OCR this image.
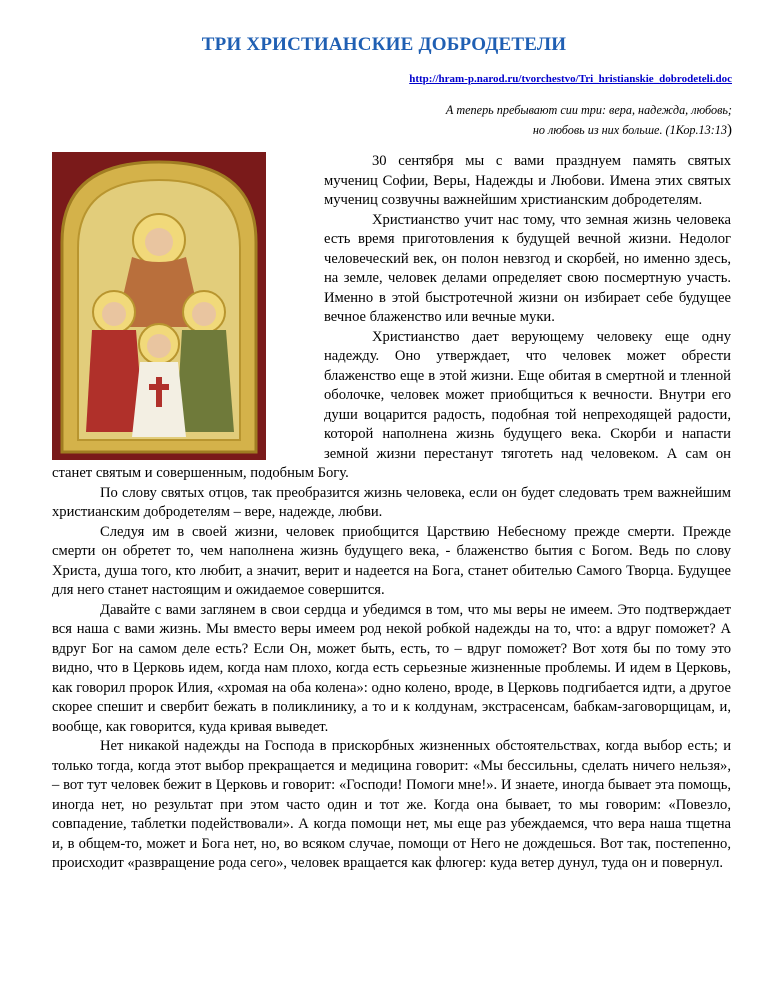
ТРИ ХРИСТИАНСКИЕ ДОБРОДЕТЕЛИ
http://hram-p.narod.ru/tvorchestvo/Tri_hristianskie_dobrodeteli.doc
А теперь пребывают сии три: вера, надежда, любовь;
но любовь из них больше. (1Кор.13:13)

30 сентября мы с вами празднуем память святых мучениц Софии, Веры, Надежды и Любови. Имена этих святых мучениц созвучны важнейшим христианским добродетелям.

Христианство учит нас тому, что земная жизнь человека есть время приготовления к будущей вечной жизни. Недолог человеческий век, он полон невзгод и скорбей, но именно здесь, на земле, человек делами определяет свою посмертную участь. Именно в этой быстротечной жизни он избирает себе будущее вечное блаженство или вечные муки.

Христианство дает верующему человеку еще одну надежду. Оно утверждает, что человек может обрести блаженство еще в этой жизни. Еще обитая в смертной и тленной оболочке, человек может приобщиться к вечности. Внутри его души воцарится радость, подобная той непреходящей радости, которой наполнена жизнь будущего века. Скорби и напасти земной жизни перестанут тяготеть над человеком. А сам он станет святым и совершенным, подобным Богу.

По слову святых отцов, так преобразится жизнь человека, если он будет следовать трем важнейшим христианским добродетелям – вере, надежде, любви.

Следуя им в своей жизни, человек приобщится Царствию Небесному прежде смерти. Прежде смерти он обретет то, чем наполнена жизнь будущего века, - блаженство бытия с Богом. Ведь по слову Христа, душа того, кто любит, а значит, верит и надеется на Бога, станет обителью Самого Творца. Будущее для него станет настоящим и ожидаемое совершится.

Давайте с вами заглянем в свои сердца и убедимся в том, что мы веры не имеем. Это подтверждает вся наша с вами жизнь. Мы вместо веры имеем род некой робкой надежды на то, что: а вдруг поможет? А вдруг Бог на самом деле есть? Если Он, может быть, есть, то – вдруг поможет? Вот хотя бы по тому это видно, что в Церковь идем, когда нам плохо, когда есть серьезные жизненные проблемы. И идем в Церковь, как говорил пророк Илия, «хромая на оба колена»: одно колено, вроде, в Церковь подгибается идти, а другое скорее спешит и свербит бежать в поликлинику, а то и к колдунам, экстрасенсам, бабкам-заговорщицам, и, вообще, как говорится, куда кривая выведет.

Нет никакой надежды на Господа в прискорбных жизненных обстоятельствах, когда выбор есть; и только тогда, когда этот выбор прекращается и медицина говорит: «Мы бессильны, сделать ничего нельзя», – вот тут человек бежит в Церковь и говорит: «Господи! Помоги мне!». И знаете, иногда бывает эта помощь, иногда нет, но результат при этом часто один и тот же. Когда она бывает, то мы говорим: «Повезло, совпадение, таблетки подействовали». А когда помощи нет, мы еще раз убеждаемся, что вера наша тщетна и, в общем-то, может и Бога нет, но, во всяком случае, помощи от Него не дождешься. Вот так, постепенно, происходит «развращение рода сего», человек вращается как флюгер: куда ветер дунул, туда он и повернул.
